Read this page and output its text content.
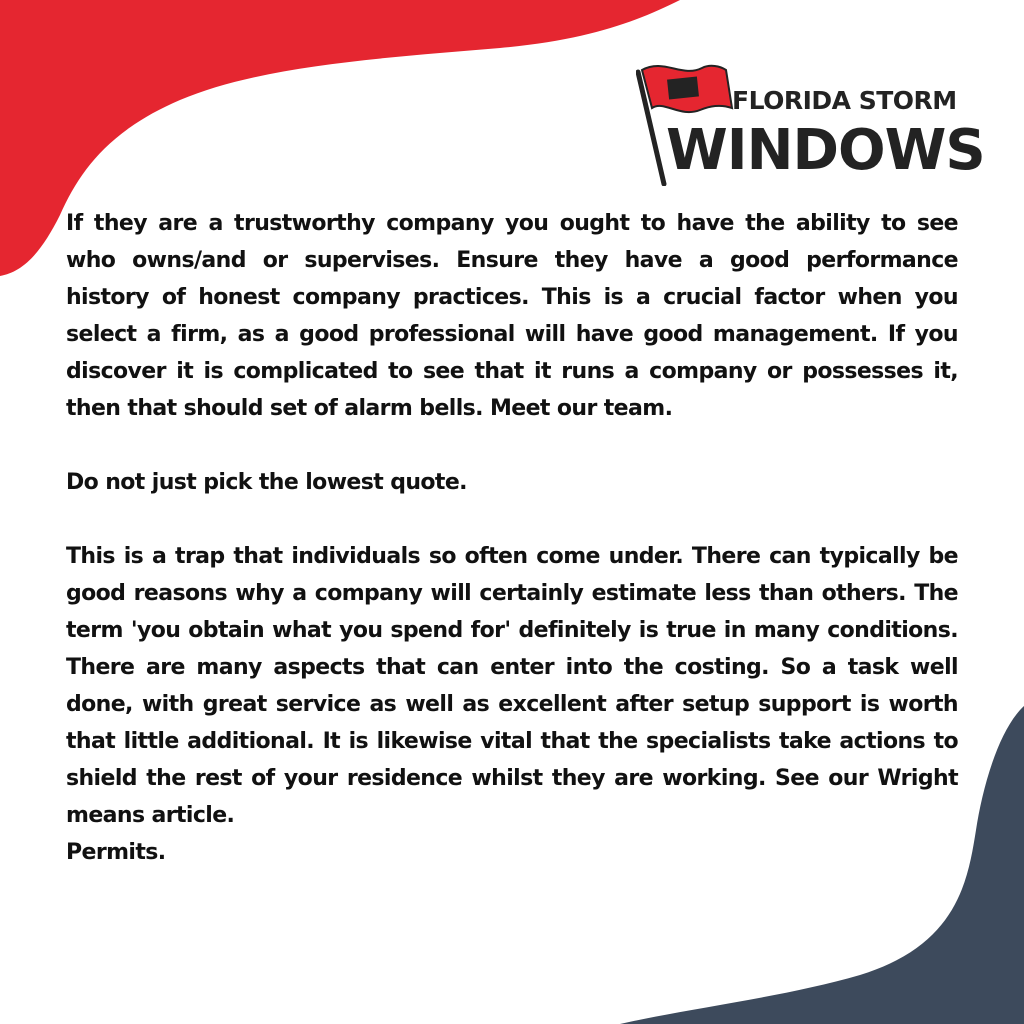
FLORIDA STORM
WINDOWS

If they are a trustworthy company you ought to have the ability to see who owns/and or supervises. Ensure they have a good performance history of honest company practices. This is a crucial factor when you select a firm, as a good professional will have good management. If you discover it is complicated to see that it runs a company or possesses it, then that should set of alarm bells. Meet our team.

Do not just pick the lowest quote.

This is a trap that individuals so often come under. There can typically be good reasons why a company will certainly estimate less than others. The term 'you obtain what you spend for' definitely is true in many conditions. There are many aspects that can enter into the costing. So a task well done, with great service as well as excellent after setup support is worth that little additional. It is likewise vital that the specialists take actions to shield the rest of your residence whilst they are working. See our Wright means article.

Permits.
